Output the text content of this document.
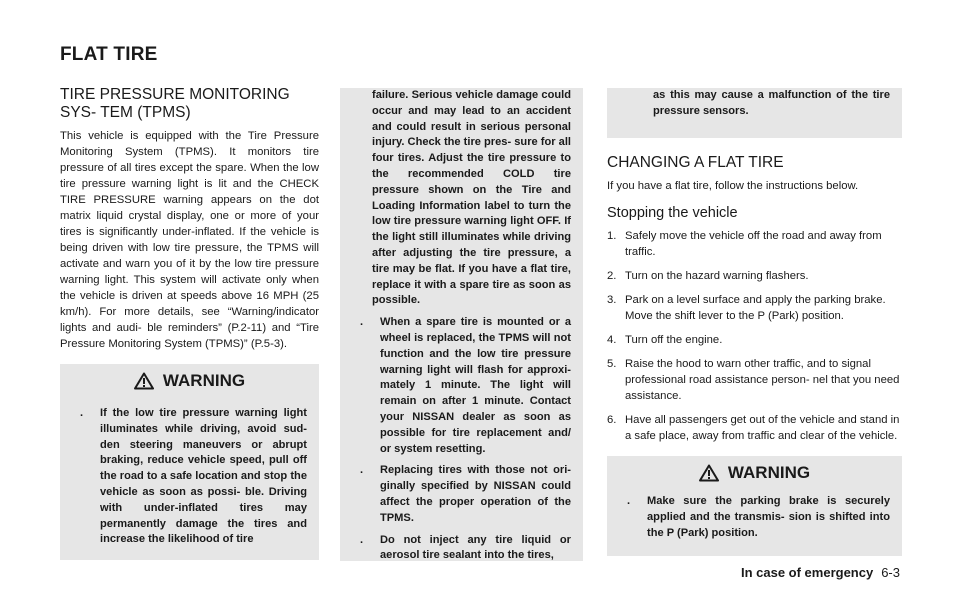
FLAT TIRE
TIRE PRESSURE MONITORING SYS- TEM (TPMS)

This vehicle is equipped with the Tire Pressure Monitoring System (TPMS). It monitors tire pressure of all tires except the spare. When the low tire pressure warning light is lit and the CHECK TIRE PRESSURE warning appears on the dot matrix liquid crystal display, one or more of your tires is significantly under-inflated. If the vehicle is being driven with low tire pressure, the TPMS will activate and warn you of it by the low tire pressure warning light. This system will activate only when the vehicle is driven at speeds above 16 MPH (25 km/h). For more details, see “Warning/indicator lights and audi- ble reminders” (P.2-11) and “Tire Pressure Monitoring System (TPMS)” (P.5-3).

WARNING
. If the low tire pressure warning light illuminates while driving, avoid sud- den steering maneuvers or abrupt braking, reduce vehicle speed, pull off the road to a safe location and stop the vehicle as soon as possi- ble. Driving with under-inflated tires may permanently damage the tires and increase the likelihood of tire
failure. Serious vehicle damage could occur and may lead to an accident and could result in serious personal injury. Check the tire pres- sure for all four tires. Adjust the tire pressure to the recommended COLD tire pressure shown on the Tire and Loading Information label to turn the low tire pressure warning light OFF. If the light still illuminates while driving after adjusting the tire pressure, a tire may be flat. If you have a flat tire, replace it with a spare tire as soon as possible.
. When a spare tire is mounted or a wheel is replaced, the TPMS will not function and the low tire pressure warning light will flash for approxi- mately 1 minute. The light will remain on after 1 minute. Contact your NISSAN dealer as soon as possible for tire replacement and/ or system resetting.
. Replacing tires with those not ori- ginally specified by NISSAN could affect the proper operation of the TPMS.
. Do not inject any tire liquid or aerosol tire sealant into the tires,
as this may cause a malfunction of the tire pressure sensors.
CHANGING A FLAT TIRE

If you have a flat tire, follow the instructions below.

Stopping the vehicle
1. Safely move the vehicle off the road and away from traffic.
2. Turn on the hazard warning flashers.
3. Park on a level surface and apply the parking brake. Move the shift lever to the P (Park) position.
4. Turn off the engine.
5. Raise the hood to warn other traffic, and to signal professional road assistance person- nel that you need assistance.
6. Have all passengers get out of the vehicle and stand in a safe place, away from traffic and clear of the vehicle.
WARNING
. Make sure the parking brake is securely applied and the transmis- sion is shifted into the P (Park) position.
In case of emergency 6-3
